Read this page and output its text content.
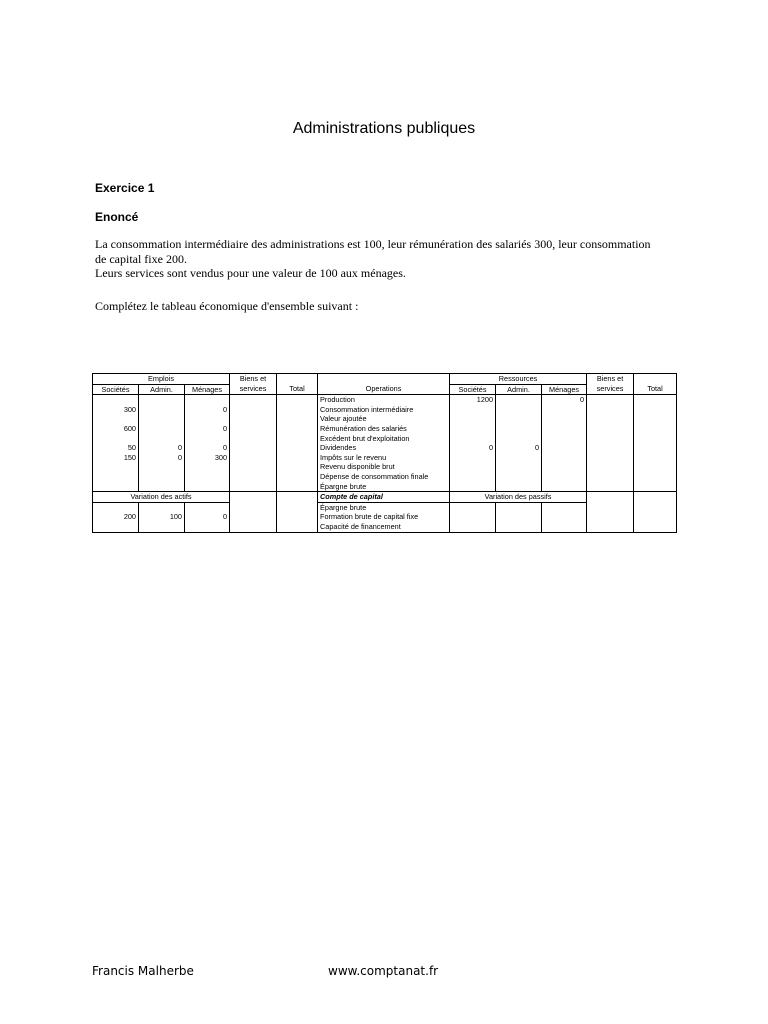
Administrations publiques
Exercice 1
Enoncé

La consommation intermédiaire des administrations est 100, leur rémunération des salariés 300, leur consommation

de capital fixe 200.

Leurs services sont vendus pour une valeur de 100 aux ménages.

Complétez le tableau économique d'ensemble suivant :
Emplois			Biens et			Ressources			Biens et	
Sociétés	Admin.	Ménages	services	Total	Operations	Sociétés	Admin.	Ménages	services	Total
					Production	1200		0		
300		0			Consommation intermédiaire					
					Valeur ajoutée					
600		0			Rémunération des salariés					
					Excédent brut d'exploitation					
50	0	0			Dividendes	0	0			
150	0	300			Impôts sur le revenu					
					Revenu disponible brut					
					Dépense de consommation finale					
					Épargne brute					
Variation des actifs					Compte de capital	Variation des passifs				
					Épargne brute					
200	100	0			Formation brute de capital fixe					
					Capacité de financement					
Francis Malherbe	www.comptanat.fr
